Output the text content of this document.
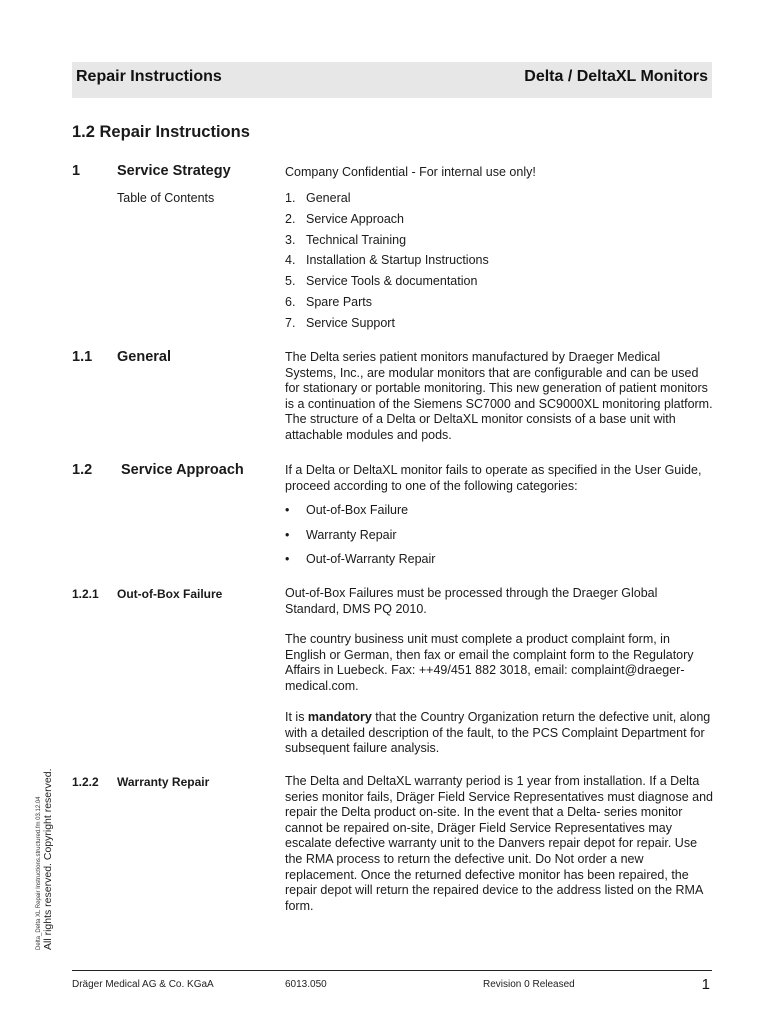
Repair Instructions	Delta / DeltaXL Monitors
1.2 Repair Instructions
1	Service Strategy	Company Confidential - For internal use only!
Table of Contents	1. General
2. Service Approach
3. Technical Training
4. Installation & Startup Instructions
5. Service Tools & documentation
6. Spare Parts
7. Service Support
1.1 General	The Delta series patient monitors manufactured by Draeger Medical Systems, Inc., are modular monitors that are configurable and can be used for stationary or portable monitoring. This new generation of patient monitors is a continuation of the Siemens SC7000 and SC9000XL monitoring platform. The structure of a Delta or DeltaXL monitor consists of a base unit with attachable modules and pods.
1.2 Service Approach	If a Delta or DeltaXL monitor fails to operate as specified in the User Guide, proceed according to one of the following categories:
• Out-of-Box Failure
• Warranty Repair
• Out-of-Warranty Repair
1.2.1 Out-of-Box Failure	Out-of-Box Failures must be processed through the Draeger Global Standard, DMS PQ 2010.
The country business unit must complete a product complaint form, in English or German, then fax or email the complaint form to the Regulatory Affairs in Luebeck. Fax: ++49/451 882 3018, email: complaint@draeger-medical.com.
It is mandatory that the Country Organization return the defective unit, along with a detailed description of the fault, to the PCS Complaint Department for subsequent failure analysis.
1.2.2 Warranty Repair	The Delta and DeltaXL warranty period is 1 year from installation. If a Delta series monitor fails, Dräger Field Service Representatives must diagnose and repair the Delta product on-site. In the event that a Delta- series monitor cannot be repaired on-site, Dräger Field Service Representatives may escalate defective warranty unit to the Danvers repair depot for repair. Use the RMA process to return the defective unit. Do Not order a new replacement. Once the returned defective monitor has been repaired, the repair depot will return the repaired device to the address listed on the RMA form.
Delta_Delta XL Repair Instructions.structured.fm 03.12.04 All rights reserved. Copyright reserved.
Dräger Medical AG & Co. KGaA	6013.050	Revision 0 Released	1
